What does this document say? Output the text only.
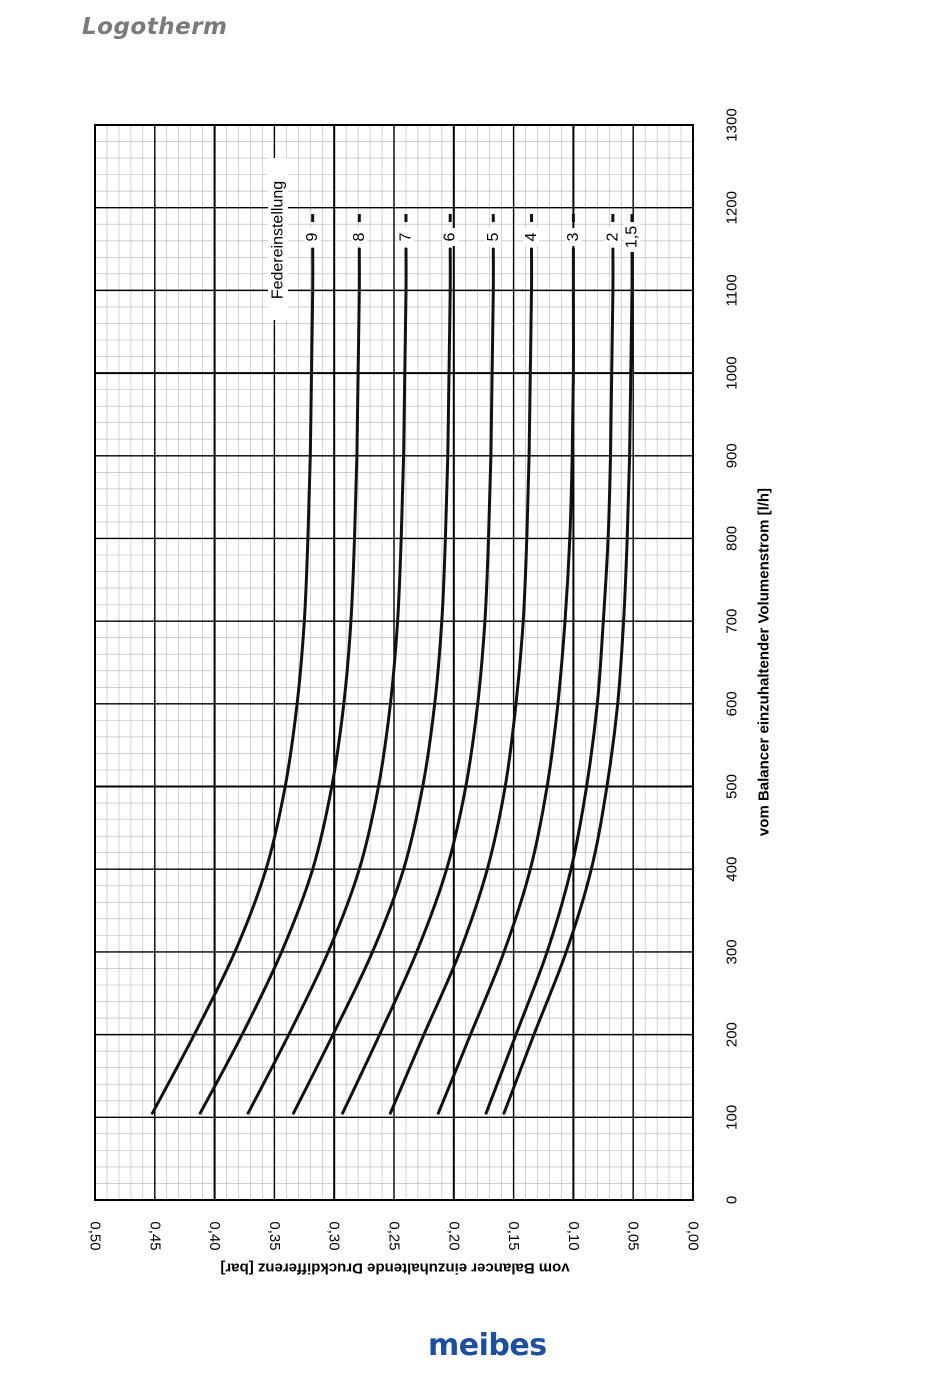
Logotherm
0
100
200
300
400
500
600
700
800
900
1000
1100
1200
1300
0,00
0,05
0,10
0,15
0,20
0,25
0,30
0,35
0,40
0,45
0,50
vom Balancer einzuhaltender Volumenstrom [l/h]
vom Balancer einzuhaltende Druckdifferenz [bar]
9 8 7 6 5 4 3 2 1,5
Federeinstellung
meibes
